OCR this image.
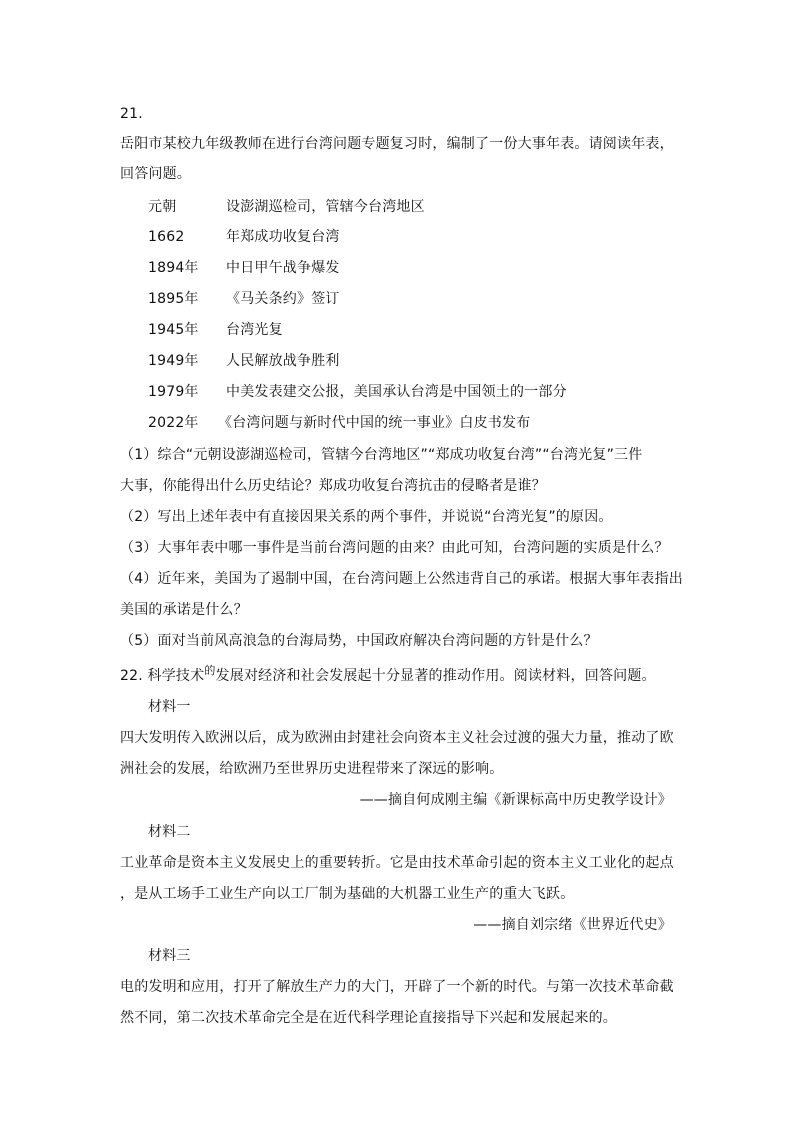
21.
岳阳市某校九年级教师在进行台湾问题专题复习时，编制了一份大事年表。请阅读年表，
回答问题。
元朝	设澎湖巡检司，管辖今台湾地区
1662	年郑成功收复台湾
1894年 中日甲午战争爆发
1895年 《马关条约》签订
1945年 台湾光复
1949年 人民解放战争胜利
1979年 中美发表建交公报，美国承认台湾是中国领土的一部分
2022年 《台湾问题与新时代中国的统一事业》白皮书发布
（1）综合“元朝设澎湖巡检司，管辖今台湾地区”“郑成功收复台湾”“台湾光复”三件
大事，你能得出什么历史结论？郑成功收复台湾抗击的侵略者是谁？
（2）写出上述年表中有直接因果关系的两个事件，并说说“台湾光复”的原因。
（3）大事年表中哪一事件是当前台湾问题的由来？由此可知，台湾问题的实质是什么？
（4）近年来，美国为了遏制中国，在台湾问题上公然违背自己的承诺。根据大事年表指出
美国的承诺是什么？
（5）面对当前风高浪急的台海局势，中国政府解决台湾问题的方针是什么？
22. 科学技术$^的$发展对经济和社会发展起十分显著的推动作用。阅读材料，回答问题。
材料一
四大发明传入欧洲以后，成为欧洲由封建社会向资本主义社会过渡的强大力量，推动了欧
洲社会的发展，给欧洲乃至世界历史进程带来了深远的影响。
——摘自何成刚主编《新课标高中历史教学设计》
材料二
工业革命是资本主义发展史上的重要转折。它是由技术革命引起的资本主义工业化的起点
，是从工场手工业生产向以工厂制为基础的大机器工业生产的重大飞跃。
——摘自刘宗绪《世界近代史》
材料三
电的发明和应用，打开了解放生产力的大门，开辟了一个新的时代。与第一次技术革命截
然不同，第二次技术革命完全是在近代科学理论直接指导下兴起和发展起来的。
